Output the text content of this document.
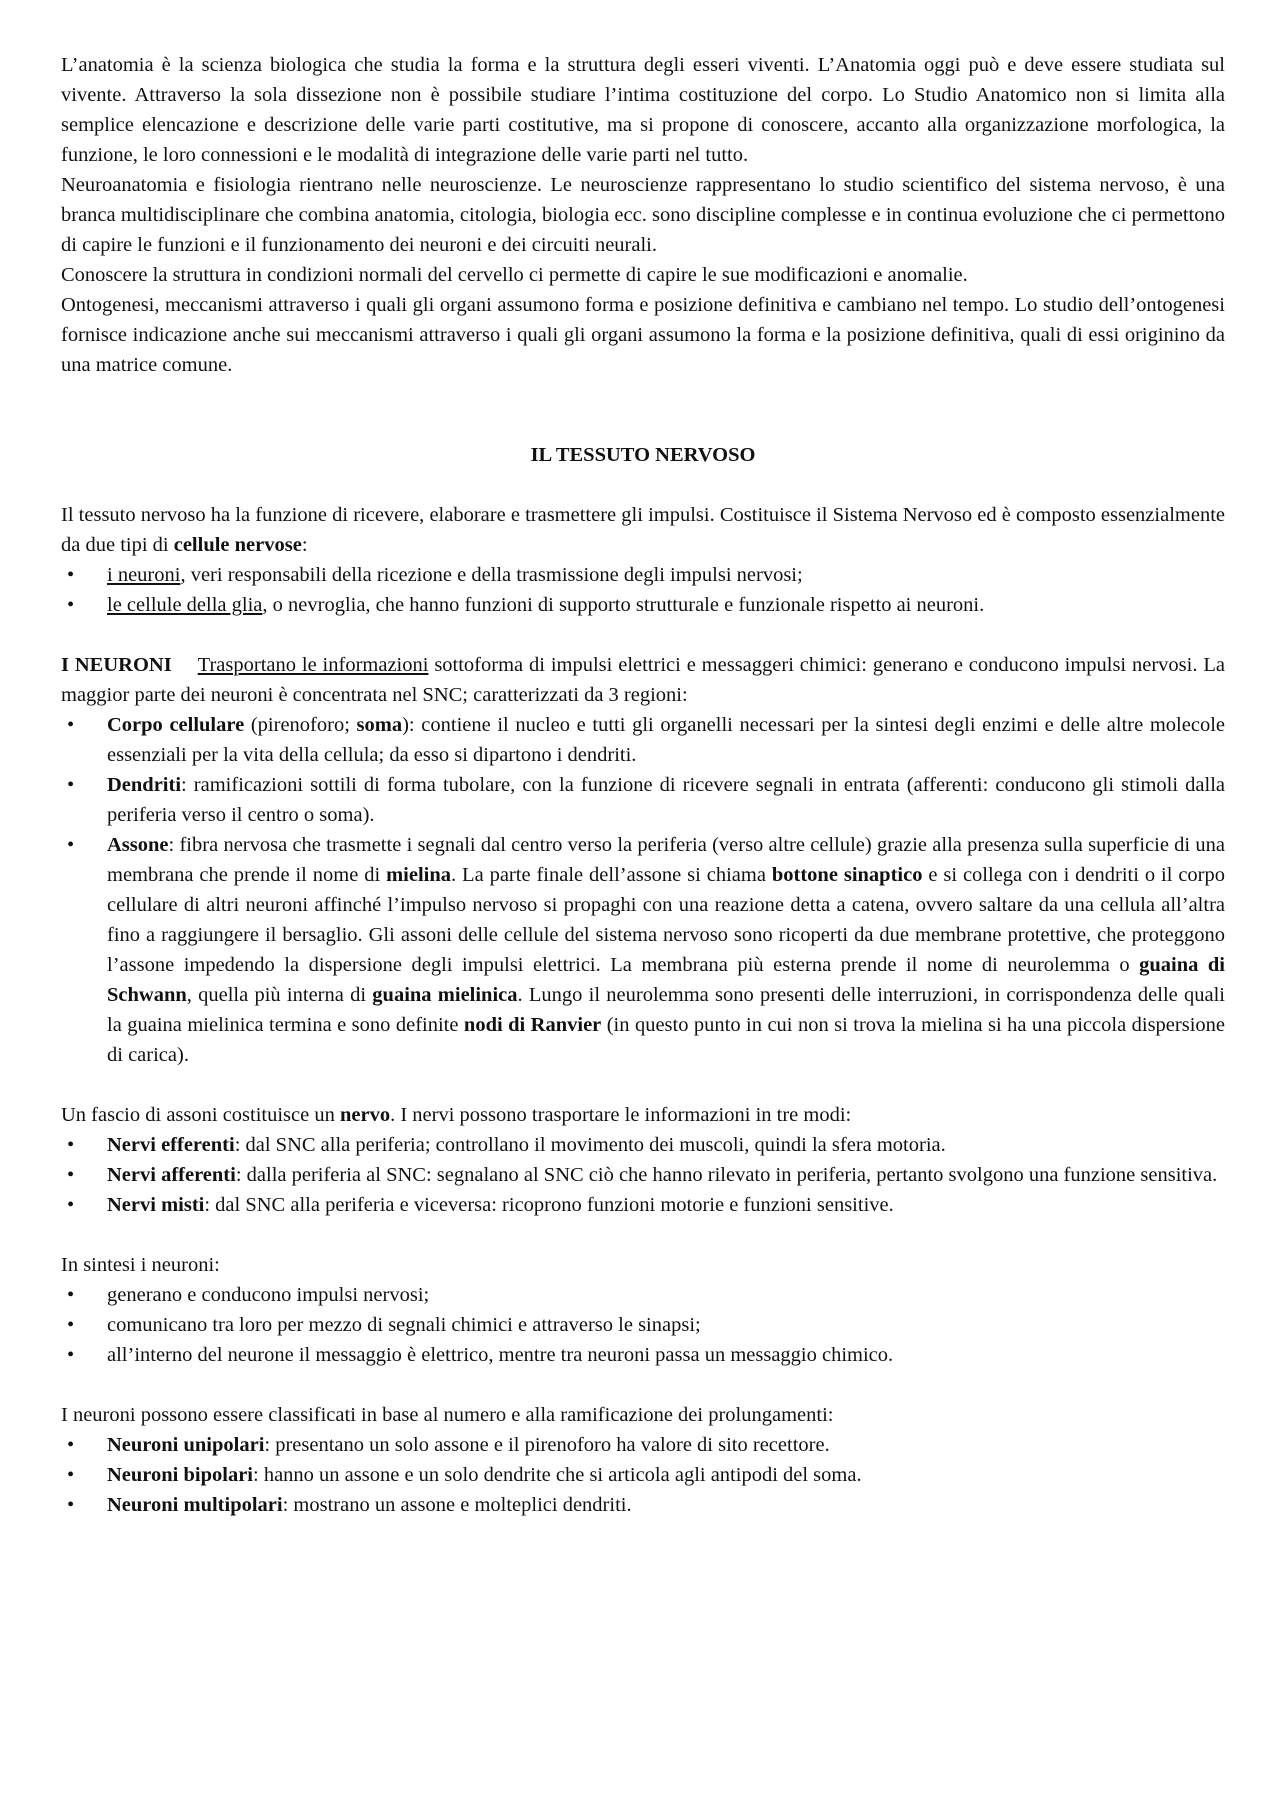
L’anatomia è la scienza biologica che studia la forma e la struttura degli esseri viventi. L’Anatomia oggi può e deve essere studiata sul vivente. Attraverso la sola dissezione non è possibile studiare l’intima costituzione del corpo. Lo Studio Anatomico non si limita alla semplice elencazione e descrizione delle varie parti costitutive, ma si propone di conoscere, accanto alla organizzazione morfologica, la funzione, le loro connessioni e le modalità di integrazione delle varie parti nel tutto.

Neuroanatomia e fisiologia rientrano nelle neuroscienze. Le neuroscienze rappresentano lo studio scientifico del sistema nervoso, è una branca multidisciplinare che combina anatomia, citologia, biologia ecc. sono discipline complesse e in continua evoluzione che ci permettono di capire le funzioni e il funzionamento dei neuroni e dei circuiti neurali.

Conoscere la struttura in condizioni normali del cervello ci permette di capire le sue modificazioni e anomalie.

Ontogenesi, meccanismi attraverso i quali gli organi assumono forma e posizione definitiva e cambiano nel tempo. Lo studio dell’ontogenesi fornisce indicazione anche sui meccanismi attraverso i quali gli organi assumono la forma e la posizione definitiva, quali di essi originino da una matrice comune.

IL TESSUTO NERVOSO

Il tessuto nervoso ha la funzione di ricevere, elaborare e trasmettere gli impulsi. Costituisce il Sistema Nervoso ed è composto essenzialmente da due tipi di cellule nervose:

• i neuroni, veri responsabili della ricezione e della trasmissione degli impulsi nervosi;
• le cellule della glia, o nevroglia, che hanno funzioni di supporto strutturale e funzionale rispetto ai neuroni.

I NEURONI Trasportano le informazioni sottoforma di impulsi elettrici e messaggeri chimici: generano e conducono impulsi nervosi. La maggior parte dei neuroni è concentrata nel SNC; caratterizzati da 3 regioni:

• Corpo cellulare (pirenoforo; soma): contiene il nucleo e tutti gli organelli necessari per la sintesi degli enzimi e delle altre molecole essenziali per la vita della cellula; da esso si dipartono i dendriti.
• Dendriti: ramificazioni sottili di forma tubolare, con la funzione di ricevere segnali in entrata (afferenti: conducono gli stimoli dalla periferia verso il centro o soma).
• Assone: fibra nervosa che trasmette i segnali dal centro verso la periferia (verso altre cellule) grazie alla presenza sulla superficie di una membrana che prende il nome di mielina. La parte finale dell’assone si chiama bottone sinaptico e si collega con i dendriti o il corpo cellulare di altri neuroni affinché l’impulso nervoso si propaghi con una reazione detta a catena, ovvero saltare da una cellula all’altra fino a raggiungere il bersaglio. Gli assoni delle cellule del sistema nervoso sono ricoperti da due membrane protettive, che proteggono l’assone impedendo la dispersione degli impulsi elettrici. La membrana più esterna prende il nome di neurolemma o guaina di Schwann, quella più interna di guaina mielinica. Lungo il neurolemma sono presenti delle interruzioni, in corrispondenza delle quali la guaina mielinica termina e sono definite nodi di Ranvier (in questo punto in cui non si trova la mielina si ha una piccola dispersione di carica).

Un fascio di assoni costituisce un nervo. I nervi possono trasportare le informazioni in tre modi:

• Nervi efferenti: dal SNC alla periferia; controllano il movimento dei muscoli, quindi la sfera motoria.
• Nervi afferenti: dalla periferia al SNC: segnalano al SNC ciò che hanno rilevato in periferia, pertanto svolgono una funzione sensitiva.
• Nervi misti: dal SNC alla periferia e viceversa: ricoprono funzioni motorie e funzioni sensitive.

In sintesi i neuroni:

• generano e conducono impulsi nervosi;
• comunicano tra loro per mezzo di segnali chimici e attraverso le sinapsi;
• all’interno del neurone il messaggio è elettrico, mentre tra neuroni passa un messaggio chimico.

I neuroni possono essere classificati in base al numero e alla ramificazione dei prolungamenti:

• Neuroni unipolari: presentano un solo assone e il pirenoforo ha valore di sito recettore.
• Neuroni bipolari: hanno un assone e un solo dendrite che si articola agli antipodi del soma.
• Neuroni multipolari: mostrano un assone e molteplici dendriti.
